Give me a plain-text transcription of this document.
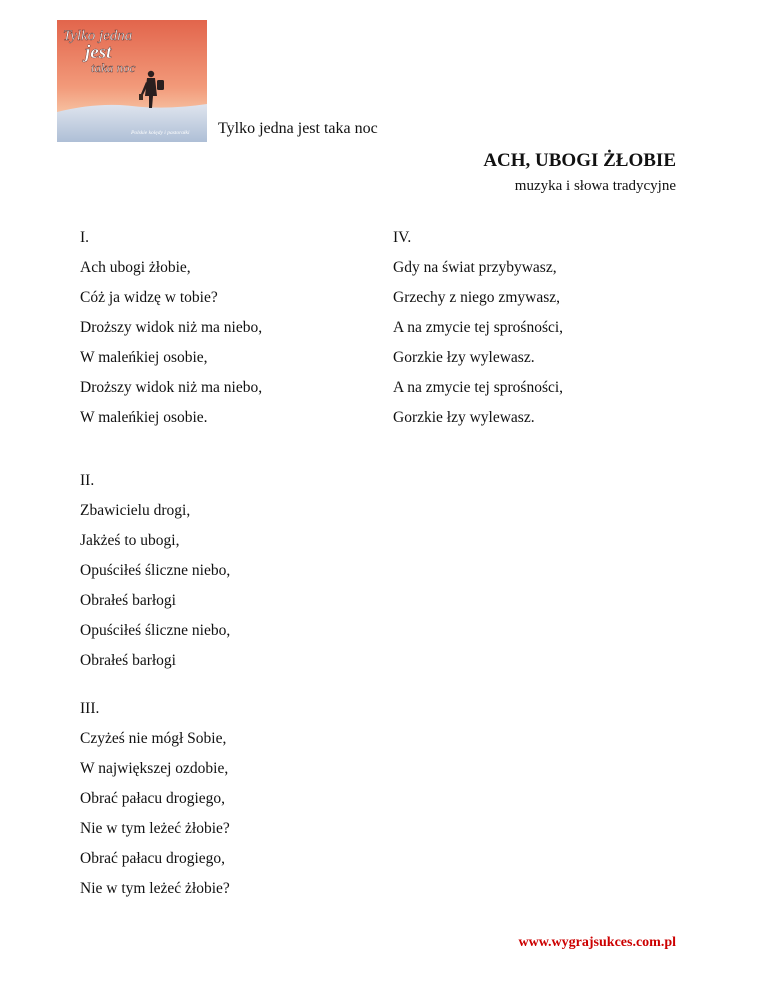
Tylko jedna
jest
taka noc
Polskie kolędy i pastorałki Tylko jedna jest taka noc
ACH, UBOGI ŻŁOBIE
muzyka i słowa tradycyjne
I.
Ach ubogi żłobie,
Cóż ja widzę w tobie?
Droższy widok niż ma niebo,
W maleńkiej osobie,
Droższy widok niż ma niebo,
W maleńkiej osobie.
IV.
Gdy na świat przybywasz,
Grzechy z niego zmywasz,
A na zmycie tej sprośności,
Gorzkie łzy wylewasz.
A na zmycie tej sprośności,
Gorzkie łzy wylewasz.
II.
Zbawicielu drogi,
Jakżeś to ubogi,
Opuściłeś śliczne niebo,
Obrałeś barłogi
Opuściłeś śliczne niebo,
Obrałeś barłogi
III.
Czyżeś nie mógł Sobie,
W największej ozdobie,
Obrać pałacu drogiego,
Nie w tym leżeć żłobie?
Obrać pałacu drogiego,
Nie w tym leżeć żłobie?
www.wygrajsukces.com.pl
